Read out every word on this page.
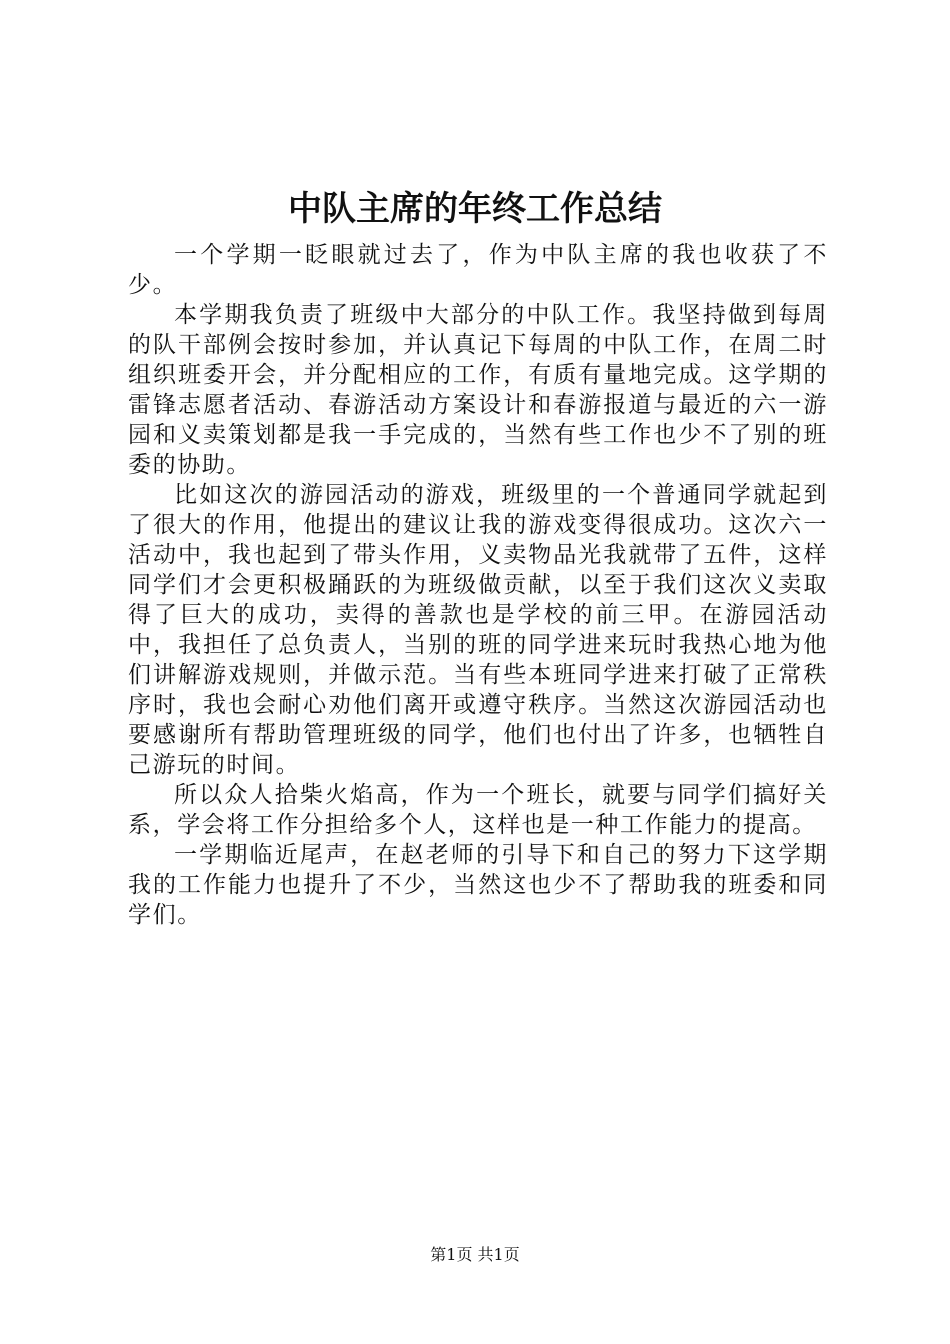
中队主席的年终工作总结

一个学期一眨眼就过去了，作为中队主席的我也收获了不少。

本学期我负责了班级中大部分的中队工作。我坚持做到每周的队干部例会按时参加，并认真记下每周的中队工作，在周二时组织班委开会，并分配相应的工作，有质有量地完成。这学期的雷锋志愿者活动、春游活动方案设计和春游报道与最近的六一游园和义卖策划都是我一手完成的，当然有些工作也少不了别的班委的协助。

比如这次的游园活动的游戏，班级里的一个普通同学就起到了很大的作用，他提出的建议让我的游戏变得很成功。这次六一活动中，我也起到了带头作用，义卖物品光我就带了五件，这样同学们才会更积极踊跃的为班级做贡献，以至于我们这次义卖取得了巨大的成功，卖得的善款也是学校的前三甲。在游园活动中，我担任了总负责人，当别的班的同学进来玩时我热心地为他们讲解游戏规则，并做示范。当有些本班同学进来打破了正常秩序时，我也会耐心劝他们离开或遵守秩序。当然这次游园活动也要感谢所有帮助管理班级的同学，他们也付出了许多，也牺牲自己游玩的时间。

所以众人拾柴火焰高，作为一个班长，就要与同学们搞好关系，学会将工作分担给多个人，这样也是一种工作能力的提高。

一学期临近尾声，在赵老师的引导下和自己的努力下这学期我的工作能力也提升了不少，当然这也少不了帮助我的班委和同学们。

第1页 共1页
